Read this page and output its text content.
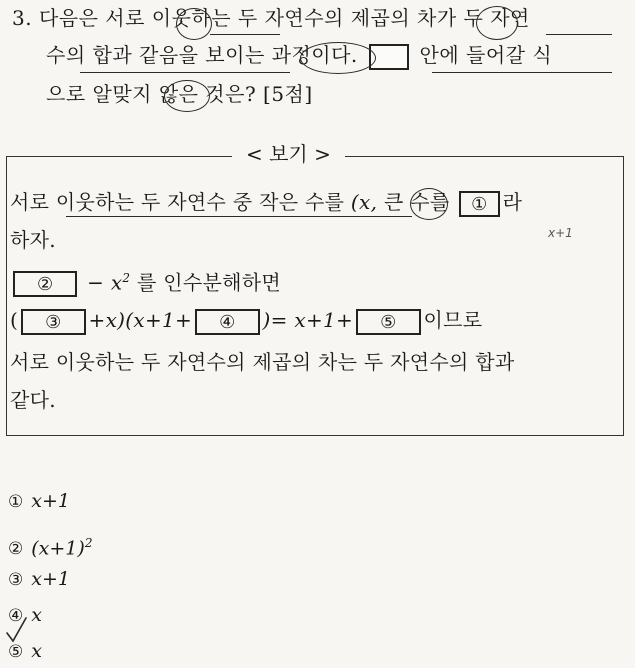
3. 다음은 서로 이웃하는 두 자연수의 제곱의 차가 두 자연
수의 합과 같음을 보이는 과정이다.	안에 들어갈 식
으로 알맞지 않은 것은? [5점]
< 보기 >
서로 이웃하는 두 자연수 중 작은 수를 (x, 큰 수를 ① 라
x+1
하자.
② − $x^2$ 를 인수분해하면
( ③ +x)(x+1+ ④ )= x+1+ ⑤ 이므로
서로 이웃하는 두 자연수의 제곱의 차는 두 자연수의 합과
같다.
① x+1
② $(x+1)^2$
③ x+1
④ x
⑤ x
